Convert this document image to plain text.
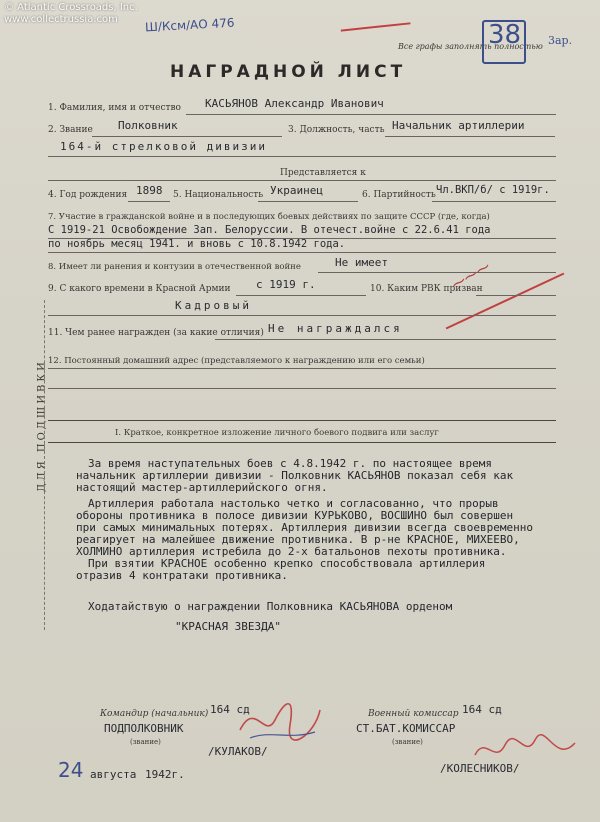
© Atlantic Crossroads, Inc.
www.collectrussia.com	Ш/Ксм/АО 476
Все графы заполнять полностью
38 3ар.
НАГРАДНОЙ ЛИСТ
ДЛЯ ПОДШИВКИ
1. Фамилия, имя и отчество КАСЬЯНОВ Александр Иванович
2. Звание Полковник	3. Должность, часть Начальник артиллерии
164-й стрелковой дивизии
Представляется к
4. Год рождения 1898 5. Национальность Украинец	6. Партийность Чл.ВКП/б/ с 1919г.
7. Участие в гражданской войне и в последующих боевых действиях по защите СССР (где, когда)
С 1919-21 Освобождение Зап. Белоруссии. В отечест.войне с 22.6.41 года
по ноябрь месяц 1941. и вновь с 10.8.1942 года.
8. Имеет ли ранения и контузии в отечественной войне	Не имеет	⁓⁓⁓
9. С какого времени в Красной Армии с 1919 г.	10. Каким РВК призван
Кадровый
11. Чем ранее награжден (за какие отличия) Не награждался
12. Постоянный домашний адрес (представляемого к награждению или его семьи)
I. Краткое, конкретное изложение личного боевого подвига или заслуг
За время наступательных боев с 4.8.1942 г. по настоящее время
начальник артиллерии дивизии - Полковник КАСЬЯНОВ показал себя как
настоящий мастер-артиллерийского огня.
Артиллерия работала настолько четко и согласованно, что прорыв
обороны противника в полосе дивизии КУРЬКОВО, ВОСШИНО был совершен
при самых минимальных потерях. Артиллерия дивизии всегда своевременно
реагирует на малейшее движение противника. В р-не КРАСНОЕ, МИХЕЕВО,
ХОЛМИНО артиллерия истребила до 2-х батальонов пехоты противника.
При взятии КРАСНОЕ особенно крепко способствовала артиллерия
отразив 4 контратаки противника.
Ходатайствую о награждении Полковника КАСЬЯНОВА орденом
"КРАСНАЯ ЗВЕЗДА"
Командир (начальник) 164 сд
ПОДПОЛКОВНИК
(звание)
/КУЛАКОВ/
Военный комиссар 164 сд
СТ.БАТ.КОМИССАР
(звание)
/КОЛЕСНИКОВ/
24 августа 1942г.
